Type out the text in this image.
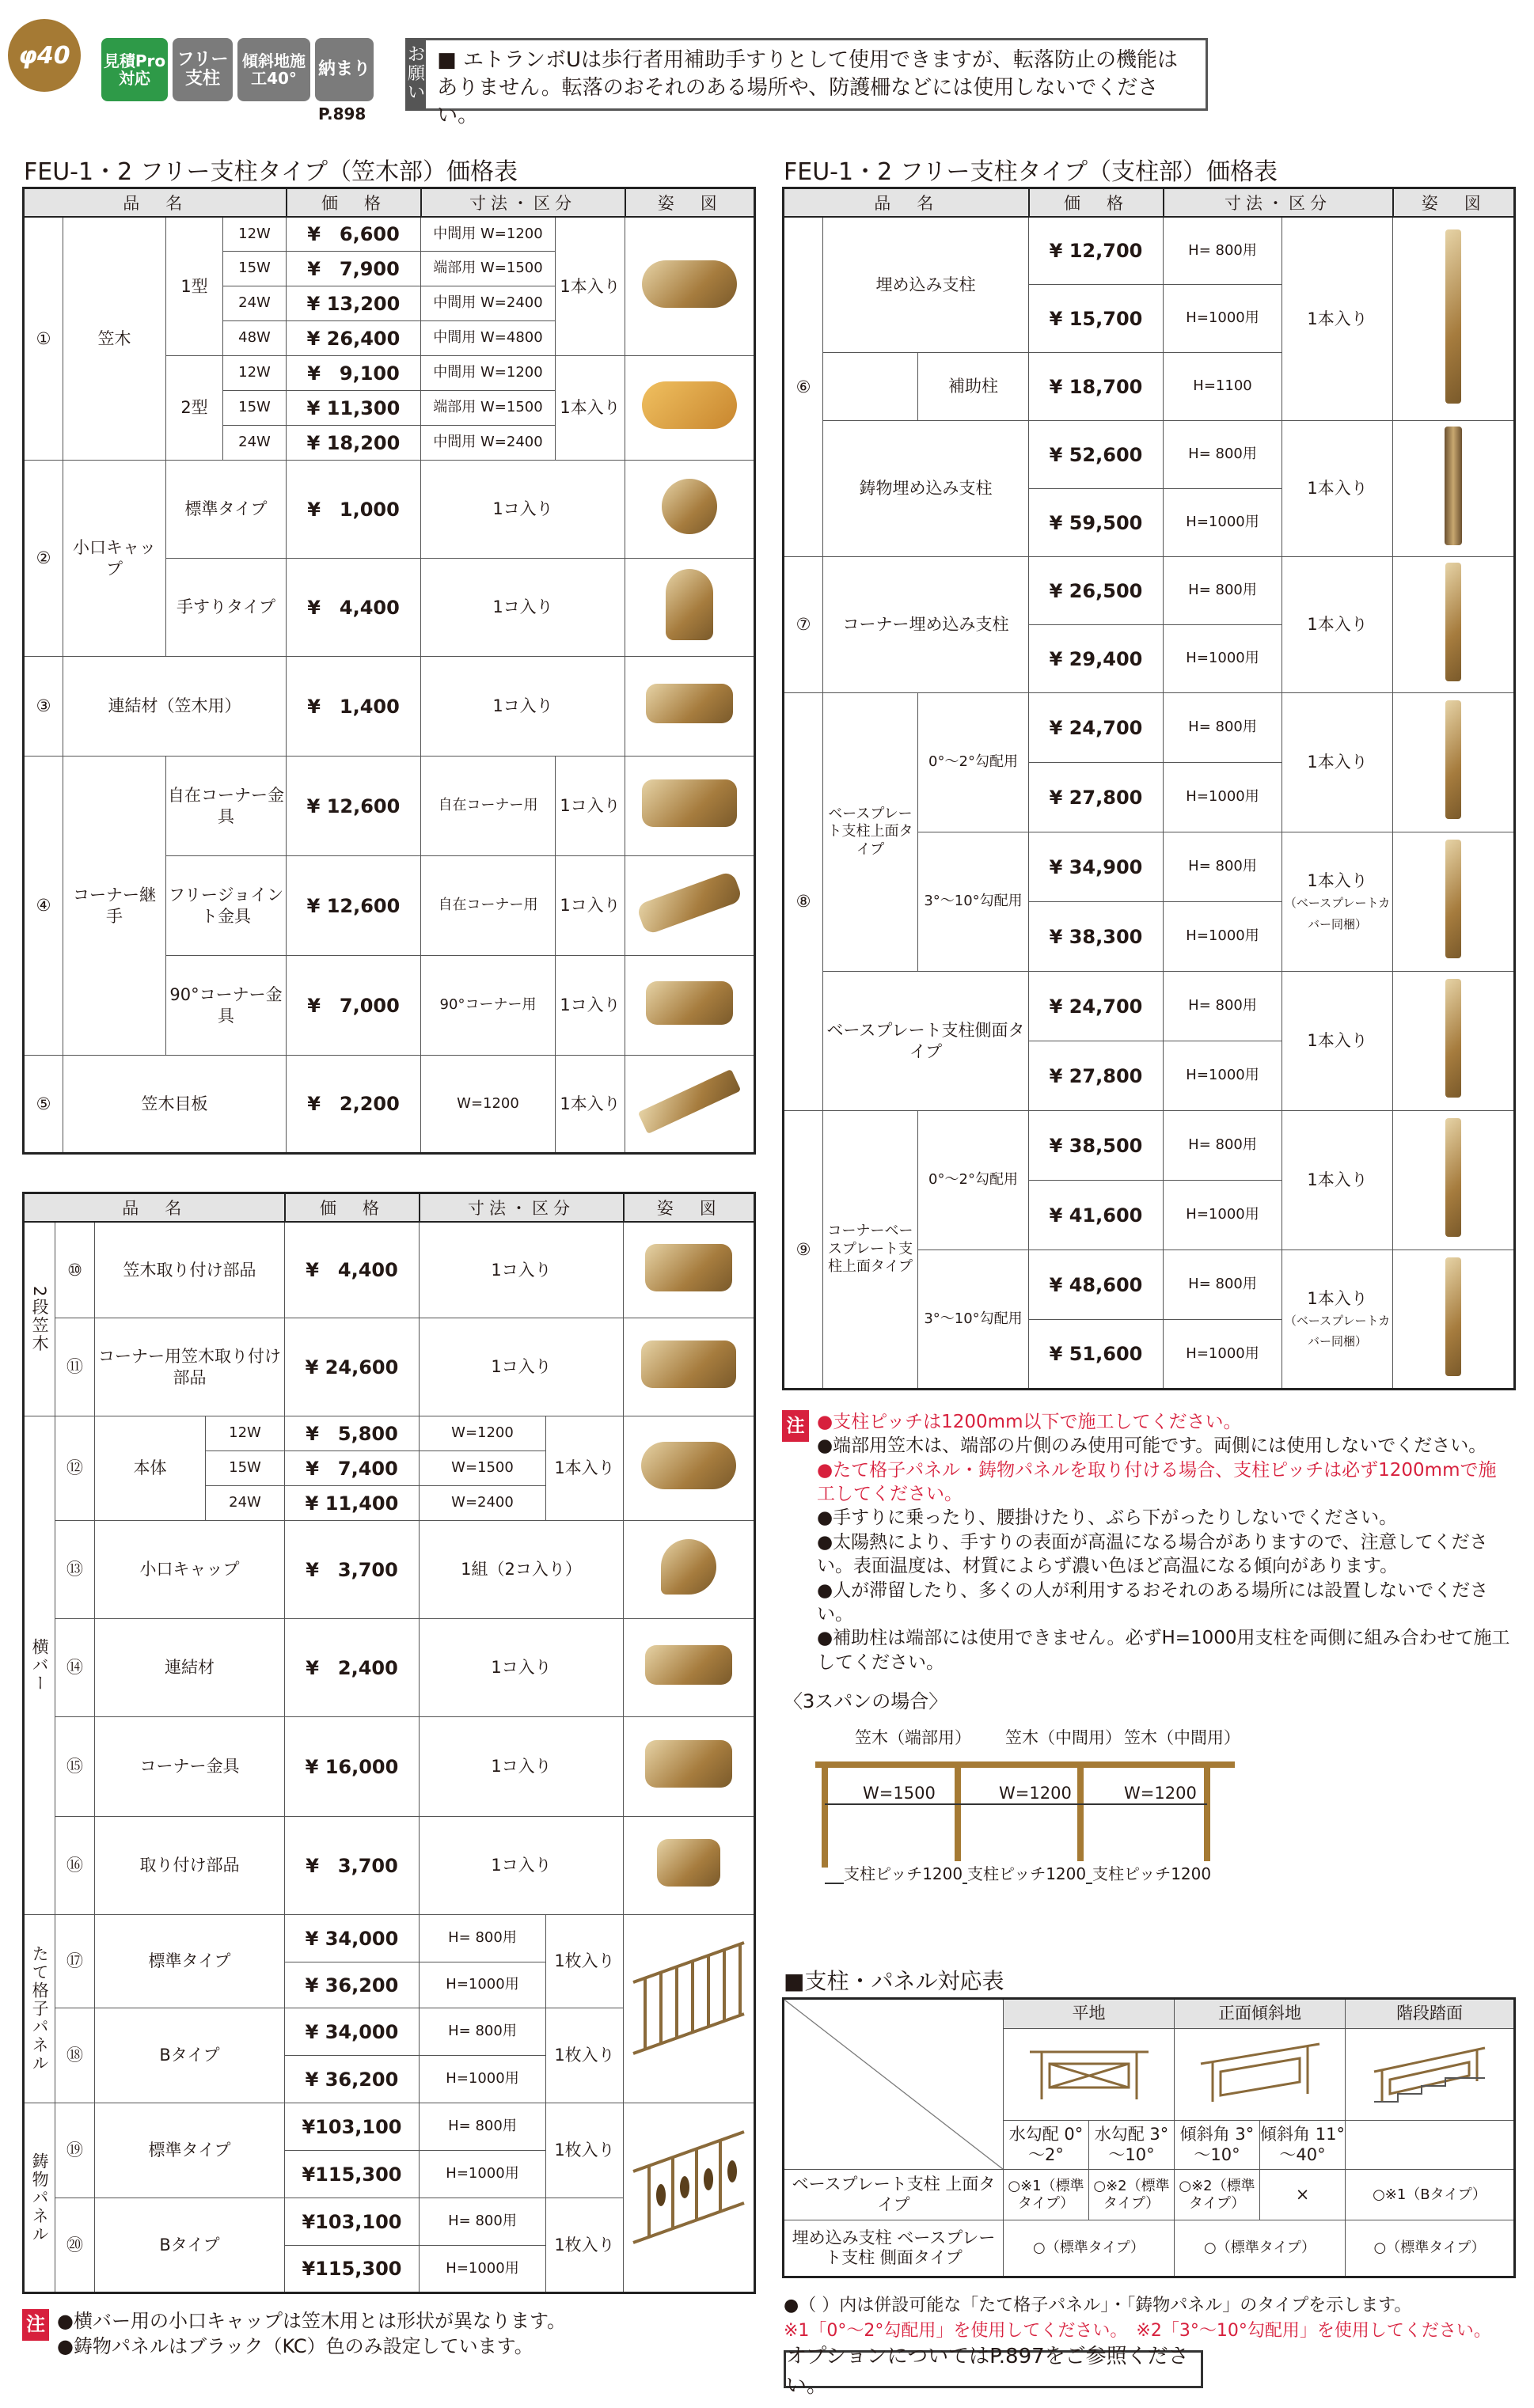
φ40 見積Pro対応
フリー支柱
傾斜地施工40°	納まり
P.898
お願い
■ エトランボUは歩行者用補助手すりとして使用できますが、転落防止の機能はありません。転落のおそれのある場所や、防護柵などには使用しないでください。
FEU-1・2 フリー支柱タイプ（笠木部）価格表
品　名				価　格	寸法・区分		姿　図
①	笠木	1型	12W	¥　6,600	中間用 W=1200	1本入り	
			15W	¥　7,900	端部用 W=1500		
			24W	¥ 13,200	中間用 W=2400		
			48W	¥ 26,400	中間用 W=4800		
		2型	12W	¥　9,100	中間用 W=1200	1本入り	
			15W	¥ 11,300	端部用 W=1500		
			24W	¥ 18,200	中間用 W=2400		
②	小口キャップ	標準タイプ		¥　1,000	1コ入り		
		手すりタイプ		¥　4,400	1コ入り		
③	連結材（笠木用）			¥　1,400	1コ入り		
④	コーナー継手	自在コーナー金具		¥ 12,600	自在コーナー用	1コ入り	
		フリージョイント金具		¥ 12,600	自在コーナー用	1コ入り	
		90°コーナー金具		¥　7,000	90°コーナー用	1コ入り	
⑤	笠木目板			¥　2,200	W=1200	1本入り	
品　名				価　格	寸法・区分		姿　図
2段笠木	⑩	笠木取り付け部品		¥　4,400	1コ入り		
	⑪	コーナー用笠木取り付け部品		¥ 24,600	1コ入り		
横バー	⑫	本体	12W	¥　5,800	W=1200	1本入り	
			15W	¥　7,400	W=1500		
			24W	¥ 11,400	W=2400		
	⑬	小口キャップ		¥　3,700	1組（2コ入り）		
	⑭	連結材		¥　2,400	1コ入り		
	⑮	コーナー金具		¥ 16,000	1コ入り		
	⑯	取り付け部品		¥　3,700	1コ入り		
たて格子パネル	⑰	標準タイプ		¥ 34,000	H= 800用	1枚入り	
				¥ 36,200	H=1000用		
	⑱	Bタイプ		¥ 34,000	H= 800用	1枚入り	
				¥ 36,200	H=1000用		
鋳物パネル	⑲	標準タイプ		¥103,100	H= 800用	1枚入り	
				¥115,300	H=1000用		
	⑳	Bタイプ		¥103,100	H= 800用	1枚入り	
				¥115,300	H=1000用		
注 ●横バー用の小口キャップは笠木用とは形状が異なります。
●鋳物パネルはブラック（KC）色のみ設定しています。
FEU-1・2 フリー支柱タイプ（支柱部）価格表
品　名			価　格	寸法・区分		姿　図
⑥	埋め込み支柱		¥ 12,700	H= 800用	1本入り	
			¥ 15,700	H=1000用		
		補助柱	¥ 18,700	H=1100		
	鋳物埋め込み支柱		¥ 52,600	H= 800用	1本入り	
			¥ 59,500	H=1000用		
⑦	コーナー埋め込み支柱		¥ 26,500	H= 800用	1本入り	
			¥ 29,400	H=1000用		
⑧	ベースプレート支柱上面タイプ	0°～2°勾配用	¥ 24,700	H= 800用	1本入り	
			¥ 27,800	H=1000用		
		3°～10°勾配用	¥ 34,900	H= 800用	1本入り
（ベースプレートカバー同梱）	
			¥ 38,300	H=1000用		
	ベースプレート支柱側面タイプ		¥ 24,700	H= 800用	1本入り	
			¥ 27,800	H=1000用		
⑨	コーナーベースプレート支柱上面タイプ	0°～2°勾配用	¥ 38,500	H= 800用	1本入り	
			¥ 41,600	H=1000用		
		3°～10°勾配用	¥ 48,600	H= 800用	1本入り
（ベースプレートカバー同梱）	
			¥ 51,600	H=1000用		
注 ●支柱ピッチは1200mm以下で施工してください。
●端部用笠木は、端部の片側のみ使用可能です。両側には使用しないでください。
●たて格子パネル・鋳物パネルを取り付ける場合、支柱ピッチは必ず1200mmで施工してください。
●手すりに乗ったり、腰掛けたり、ぶら下がったりしないでください。
●太陽熱により、手すりの表面が高温になる場合がありますので、注意してください。表面温度は、材質によらず濃い色ほど高温になる傾向があります。
●人が滞留したり、多くの人が利用するおそれのある場所には設置しないでください。
●補助柱は端部には使用できません。必ずH=1000用支柱を両側に組み合わせて施工してください。
〈3スパンの場合〉
笠木（端部用） 笠木（中間用） 笠木（中間用）
W=1500	W=1200	W=1200
支柱ピッチ1200 支柱ピッチ1200 支柱ピッチ1200
■支柱・パネル対応表
	平地		正面傾斜地		階段踏面

	水勾配 0°～2°	水勾配 3°～10°	傾斜角 3°～10°	傾斜角 11°～40°	
ベースプレート支柱 上面タイプ	○※1（標準タイプ）	○※2（標準タイプ）	○※2（標準タイプ）	×	○※1（Bタイプ）
埋め込み支柱 ベースプレート支柱 側面タイプ	○（標準タイプ）		○（標準タイプ）		○（標準タイプ）
●（ ）内は併設可能な「たて格子パネル」・「鋳物パネル」のタイプを示します。
※1「0°～2°勾配用」を使用してください。　※2「3°～10°勾配用」を使用してください。
オプションについてはP.897をご参照ください。
